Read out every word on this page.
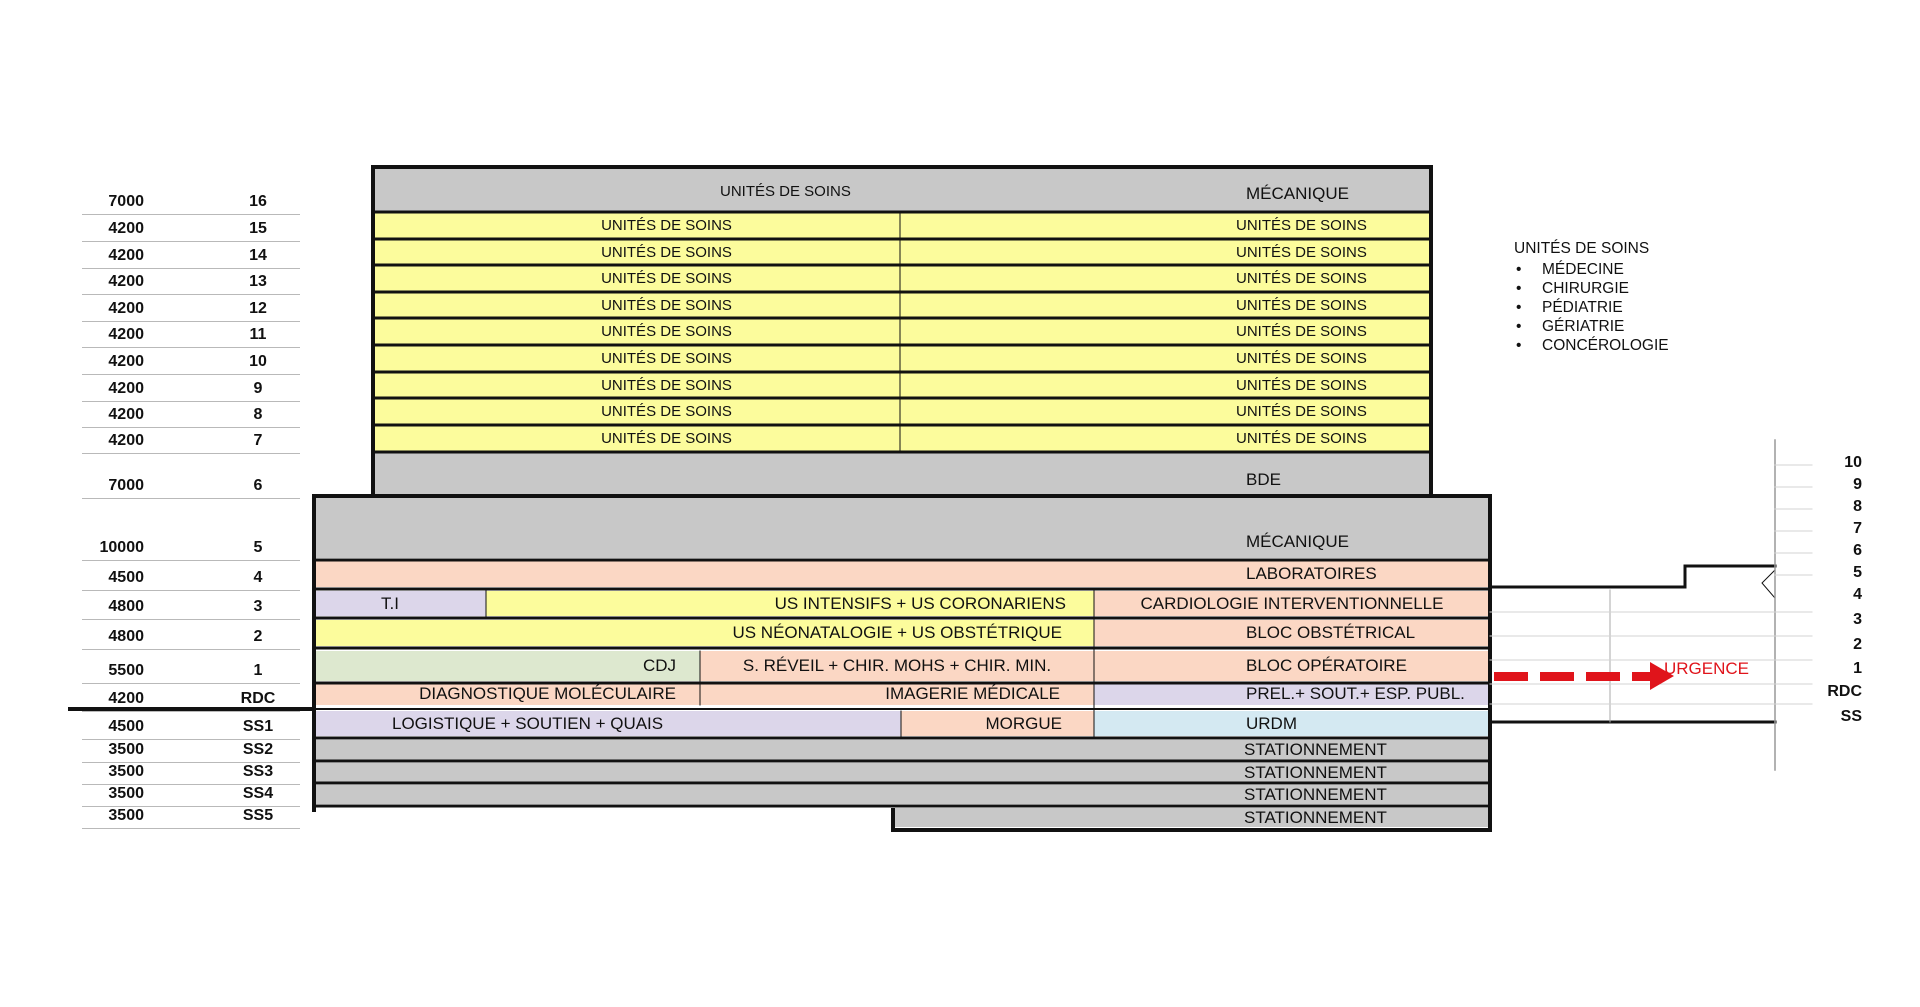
7000	16
4200	15
4200	14
4200	13
4200	12
4200	11
4200	10
4200	9
4200	8
4200	7
7000	6
10000	5
4500	4
4800	3
4800	2
5500	1
4200	RDC
4500	SS1
3500	SS2
3500	SS3
3500	SS4
3500	SS5
UNITÉS DE SOINS	MÉCANIQUE
UNITÉS DE SOINS	UNITÉS DE SOINS
UNITÉS DE SOINS	UNITÉS DE SOINS
UNITÉS DE SOINS	UNITÉS DE SOINS
UNITÉS DE SOINS	UNITÉS DE SOINS
UNITÉS DE SOINS	UNITÉS DE SOINS
UNITÉS DE SOINS	UNITÉS DE SOINS
UNITÉS DE SOINS	UNITÉS DE SOINS
UNITÉS DE SOINS	UNITÉS DE SOINS
UNITÉS DE SOINS	UNITÉS DE SOINS
BDE
MÉCANIQUE
LABORATOIRES
T.I	US INTENSIFS + US CORONARIENS	CARDIOLOGIE INTERVENTIONNELLE
US NÉONATALOGIE + US OBSTÉTRIQUE	BLOC OBSTÉTRICAL
CDJ	S. RÉVEIL + CHIR. MOHS + CHIR. MIN.	BLOC OPÉRATOIRE
DIAGNOSTIQUE MOLÉCULAIRE	IMAGERIE MÉDICALE	PREL.+ SOUT.+ ESP. PUBL.
LOGISTIQUE + SOUTIEN + QUAIS	MORGUE	URDM
STATIONNEMENT
STATIONNEMENT
STATIONNEMENT
STATIONNEMENT
URGENCE
UNITÉS DE SOINS
• MÉDECINE
• CHIRURGIE
• PÉDIATRIE
• GÉRIATRIE
• CONCÉROLOGIE
10
9
8
7
6
5
4
3
2
1
RDC
SS
